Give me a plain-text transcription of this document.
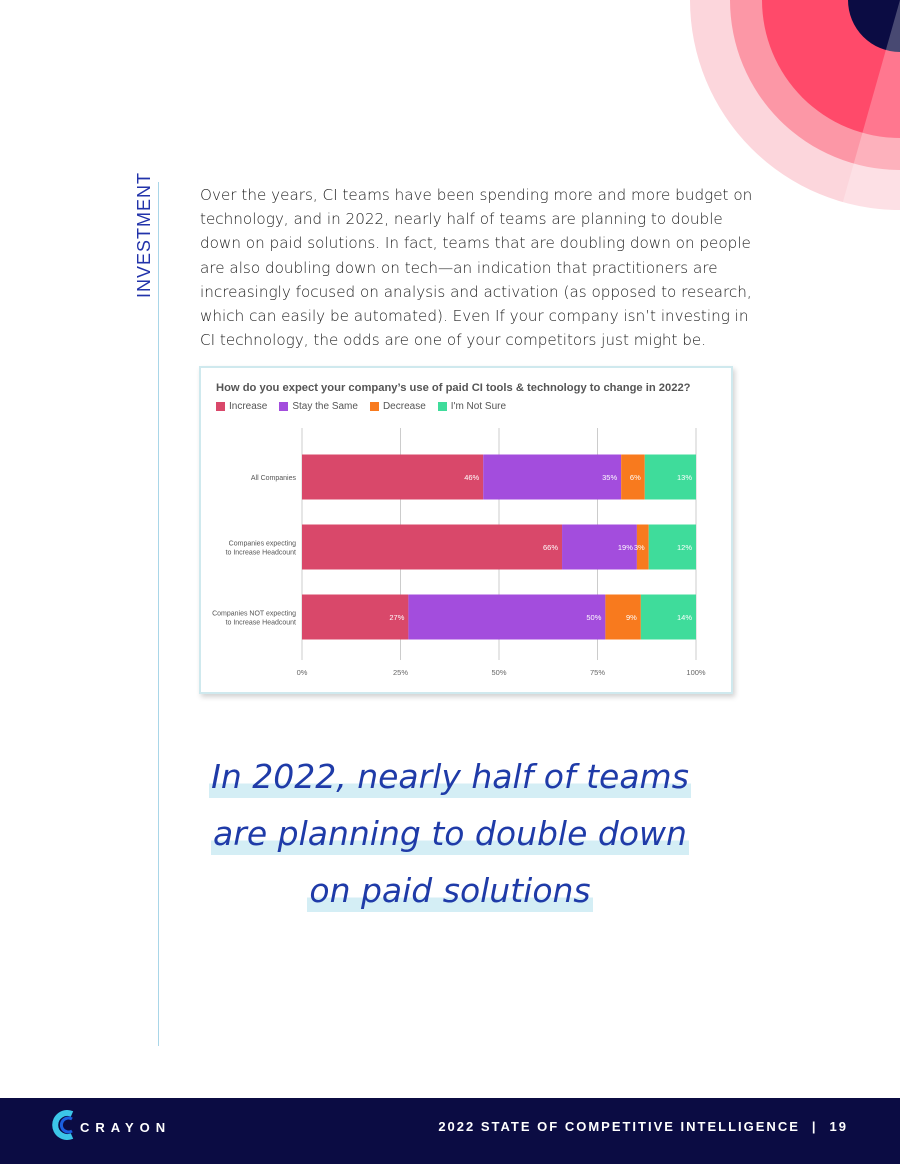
INVESTMENT	Over the years, CI teams have been spending more and more budget on technology, and in 2022, nearly half of teams are planning to double down on paid solutions. In fact, teams that are doubling down on people are also doubling down on tech—an indication that practitioners are increasingly focused on analysis and activation (as opposed to research, which can easily be automated). Even If your company isn’t investing in CI technology, the odds are one of your competitors just might be.

How do you expect your company’s use of paid CI tools & technology to change in 2022?
Increase	Stay the Same	Decrease	I'm Not Sure
0%	25%	50%	75%	100%
All Companies	46%	35% 6%	13%
Companies expecting
to Increase Headcount
66%	19% 3%	12%
Companies NOT expecting
to Increase Headcount
27%	50%	9%	14%
In 2022, nearly half of teams
are planning to double down
on paid solutions
CRAYON	2022 STATE OF COMPETITIVE INTELLIGENCE | 19
